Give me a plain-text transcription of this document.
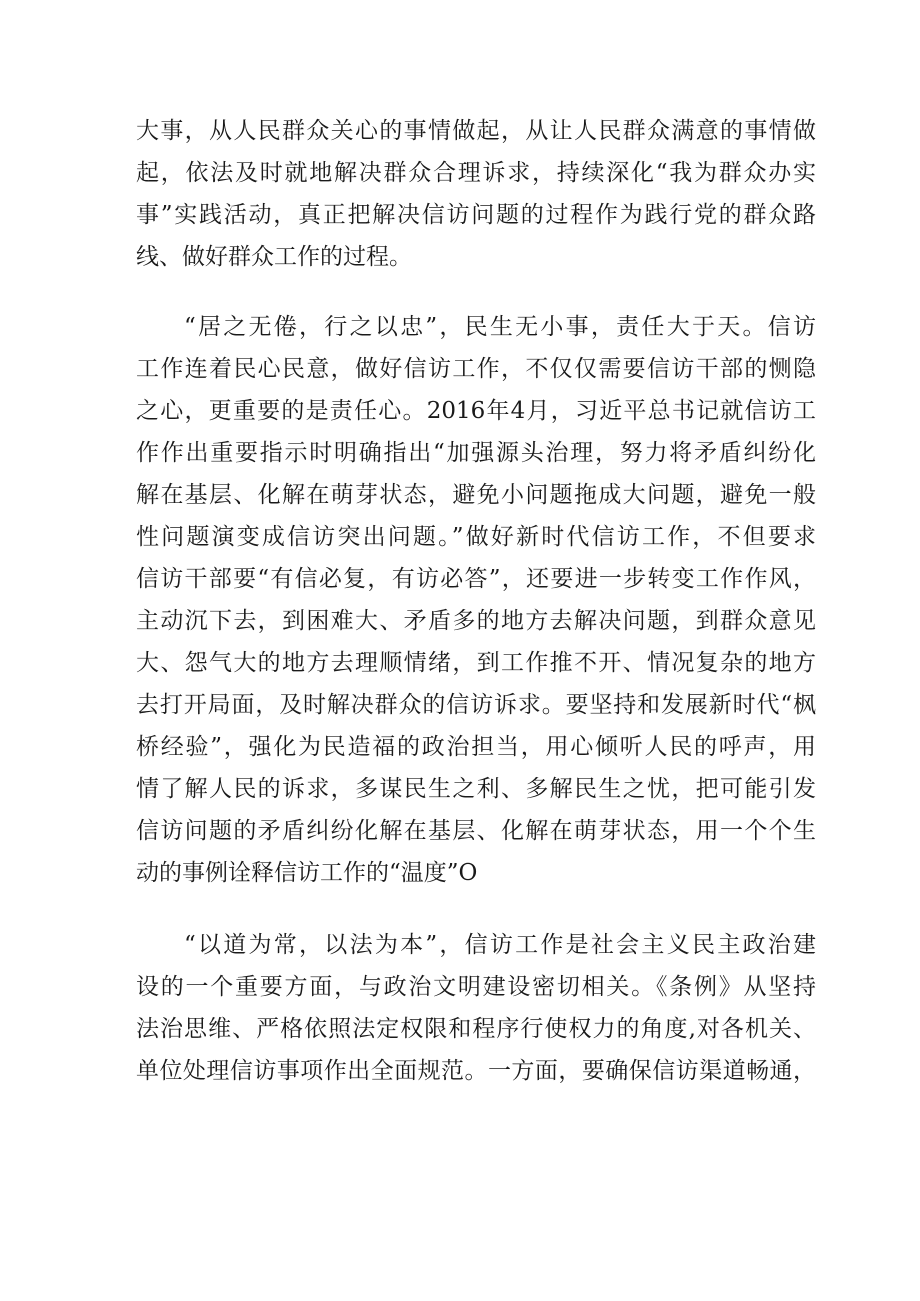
大事，从人民群众关心的事情做起，从让人民群众满意的事情做
起，依法及时就地解决群众合理诉求，持续深化“我为群众办实
事”实践活动，真正把解决信访问题的过程作为践行党的群众路
线、做好群众工作的过程。
“居之无倦，行之以忠”，民生无小事，责任大于天。信访
工作连着民心民意，做好信访工作，不仅仅需要信访干部的恻隐
之心，更重要的是责任心。2016年4月，习近平总书记就信访工
作作出重要指示时明确指出“加强源头治理，努力将矛盾纠纷化
解在基层、化解在萌芽状态，避免小问题拖成大问题，避免一般
性问题演变成信访突出问题。”做好新时代信访工作，不但要求
信访干部要“有信必复，有访必答”，还要进一步转变工作作风，
主动沉下去，到困难大、矛盾多的地方去解决问题，到群众意见
大、怨气大的地方去理顺情绪，到工作推不开、情况复杂的地方
去打开局面，及时解决群众的信访诉求。要坚持和发展新时代“枫
桥经验”，强化为民造福的政治担当，用心倾听人民的呼声，用
情了解人民的诉求，多谋民生之利、多解民生之忧，把可能引发
信访问题的矛盾纠纷化解在基层、化解在萌芽状态，用一个个生
动的事例诠释信访工作的“温度”O
“以道为常，以法为本”，信访工作是社会主义民主政治建
设的一个重要方面，与政治文明建设密切相关。《条例》从坚持
法治思维、严格依照法定权限和程序行使权力的角度,对各机关、
单位处理信访事项作出全面规范。一方面，要确保信访渠道畅通，
